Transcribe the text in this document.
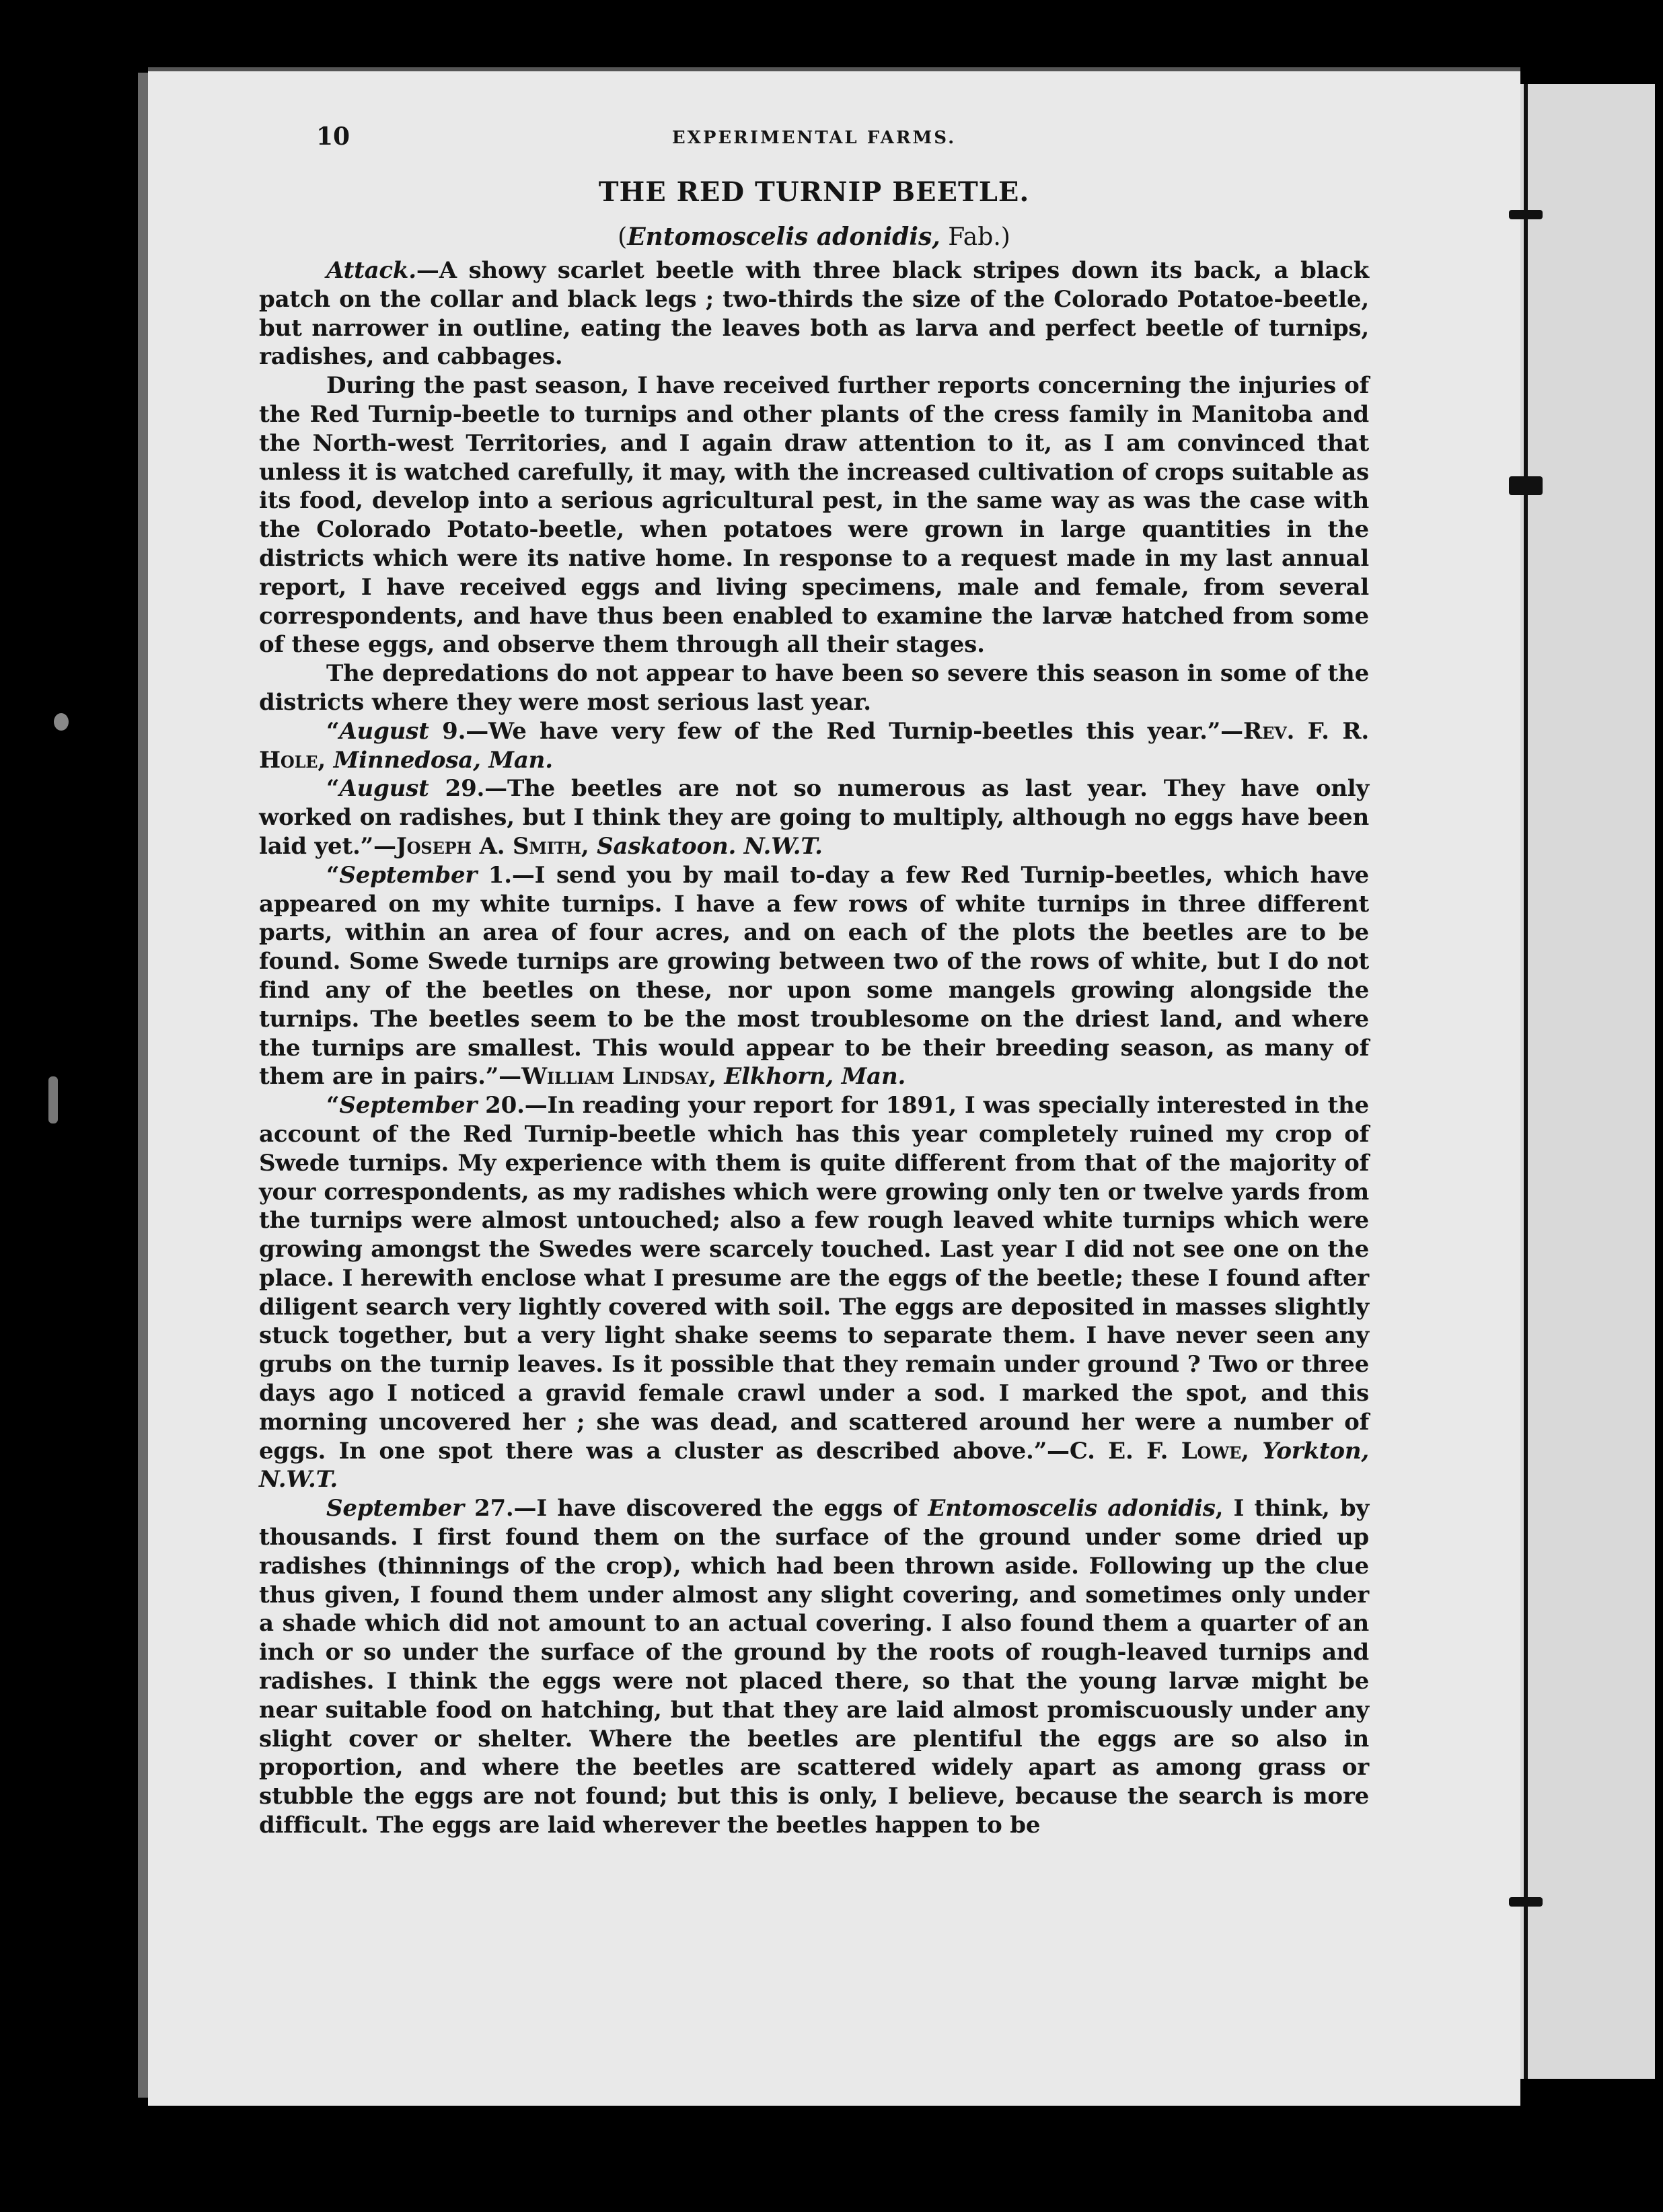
10	EXPERIMENTAL FARMS.
THE RED TURNIP BEETLE.

(Entomoscelis adonidis, Fab.)

Attack.—A showy scarlet beetle with three black stripes down its back, a black patch on the collar and black legs ; two-thirds the size of the Colorado Potatoe-beetle, but narrower in outline, eating the leaves both as larva and perfect beetle of turnips, radishes, and cabbages.

During the past season, I have received further reports concerning the injuries of the Red Turnip-beetle to turnips and other plants of the cress family in Manitoba and the North-west Territories, and I again draw attention to it, as I am convinced that unless it is watched carefully, it may, with the increased cultivation of crops suitable as its food, develop into a serious agricultural pest, in the same way as was the case with the Colorado Potato-beetle, when potatoes were grown in large quantities in the districts which were its native home. In response to a request made in my last annual report, I have received eggs and living specimens, male and female, from several correspondents, and have thus been enabled to examine the larvæ hatched from some of these eggs, and observe them through all their stages.

The depredations do not appear to have been so severe this season in some of the districts where they were most serious last year.

“August 9.—We have very few of the Red Turnip-beetles this year.”—Rev. F. R. Hole, Minnedosa, Man.

“August 29.—The beetles are not so numerous as last year. They have only worked on radishes, but I think they are going to multiply, although no eggs have been laid yet.”—Joseph A. Smith, Saskatoon. N.W.T.

“September 1.—I send you by mail to-day a few Red Turnip-beetles, which have appeared on my white turnips. I have a few rows of white turnips in three different parts, within an area of four acres, and on each of the plots the beetles are to be found. Some Swede turnips are growing between two of the rows of white, but I do not find any of the beetles on these, nor upon some mangels growing alongside the turnips. The beetles seem to be the most troublesome on the driest land, and where the turnips are smallest. This would appear to be their breeding season, as many of them are in pairs.”—William Lindsay, Elkhorn, Man.

“September 20.—In reading your report for 1891, I was specially interested in the account of the Red Turnip-beetle which has this year completely ruined my crop of Swede turnips. My experience with them is quite different from that of the majority of your correspondents, as my radishes which were growing only ten or twelve yards from the turnips were almost untouched; also a few rough leaved white turnips which were growing amongst the Swedes were scarcely touched. Last year I did not see one on the place. I herewith enclose what I presume are the eggs of the beetle; these I found after diligent search very lightly covered with soil. The eggs are deposited in masses slightly stuck together, but a very light shake seems to separate them. I have never seen any grubs on the turnip leaves. Is it possible that they remain under ground ? Two or three days ago I noticed a gravid female crawl under a sod. I marked the spot, and this morning uncovered her ; she was dead, and scattered around her were a number of eggs. In one spot there was a cluster as described above.”—C. E. F. Lowe, Yorkton, N.W.T.

September 27.—I have discovered the eggs of Entomoscelis adonidis, I think, by thousands. I first found them on the surface of the ground under some dried up radishes (thinnings of the crop), which had been thrown aside. Following up the clue thus given, I found them under almost any slight covering, and sometimes only under a shade which did not amount to an actual covering. I also found them a quarter of an inch or so under the surface of the ground by the roots of rough-leaved turnips and radishes. I think the eggs were not placed there, so that the young larvæ might be near suitable food on hatching, but that they are laid almost promiscuously under any slight cover or shelter. Where the beetles are plentiful the eggs are so also in proportion, and where the beetles are scattered widely apart as among grass or stubble the eggs are not found; but this is only, I believe, because the search is more difficult. The eggs are laid wherever the beetles happen to be
